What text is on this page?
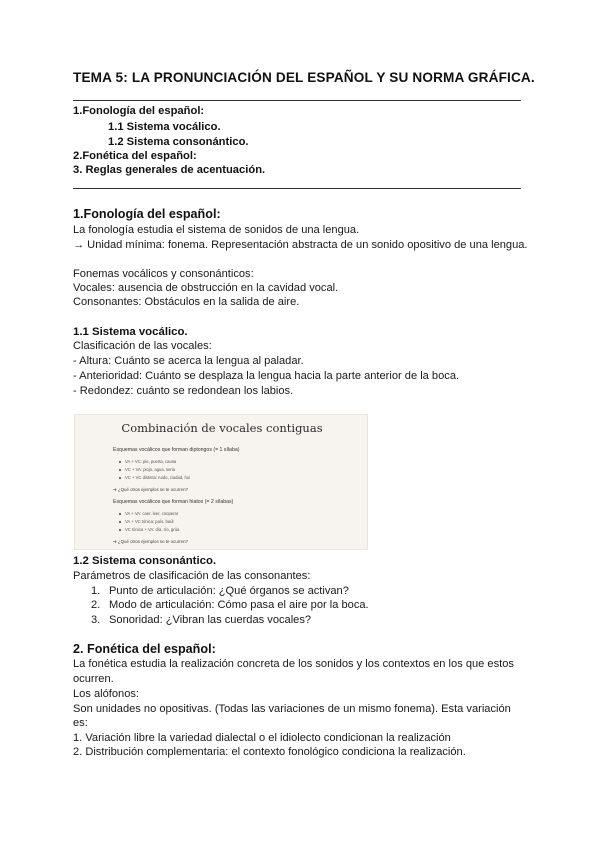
TEMA 5: LA PRONUNCIACIÓN DEL ESPAÑOL Y SU NORMA GRÁFICA.
1.Fonología del español:
1.1 Sistema vocálico.
1.2 Sistema consonántico.
2.Fonética del español:
3. Reglas generales de acentuación.
1.Fonología del español:
La fonología estudia el sistema de sonidos de una lengua.
→ Unidad mínima: fonema. Representación abstracta de un sonido opositivo de una lengua.
Fonemas vocálicos y consonánticos:
Vocales: ausencia de obstrucción en la cavidad vocal.
Consonantes: Obstáculos en la salida de aire.
1.1 Sistema vocálico.
Clasificación de las vocales:
- Altura: Cuánto se acerca la lengua al paladar.
- Anterioridad: Cuánto se desplaza la lengua hacia la parte anterior de la boca.
- Redondez: cuánto se redondean los labios.
Combinación de vocales contiguas
Esquemas vocálicos que forman diptongos (= 1 sílaba)
VA + VC: pie, puerta, causa
VC + VA: piojo, agua, seria
VC + VC distinta: ruido, ciudad, hui
➜ ¿Qué otros ejemplos se te ocurren?
Esquemas vocálicos que forman hiatos (= 2 sílabas)
VA + VA: caer, leer, cooperar
VA + VC tónica: país, baúl
VC tónica + VA: día, río, grúa
➜ ¿Qué otros ejemplos se te ocurren?
1.2 Sistema consonántico.
Parámetros de clasificación de las consonantes:
1. Punto de articulación: ¿Qué órganos se activan?
2. Modo de articulación: Cómo pasa el aire por la boca.
3. Sonoridad: ¿Vibran las cuerdas vocales?
2. Fonética del español:
La fonética estudia la realización concreta de los sonidos y los contextos en los que estos
ocurren.
Los alófonos:
Son unidades no opositivas. (Todas las variaciones de un mismo fonema). Esta variación
es:
1. Variación libre la variedad dialectal o el idiolecto condicionan la realización
2. Distribución complementaria: el contexto fonológico condiciona la realización.
